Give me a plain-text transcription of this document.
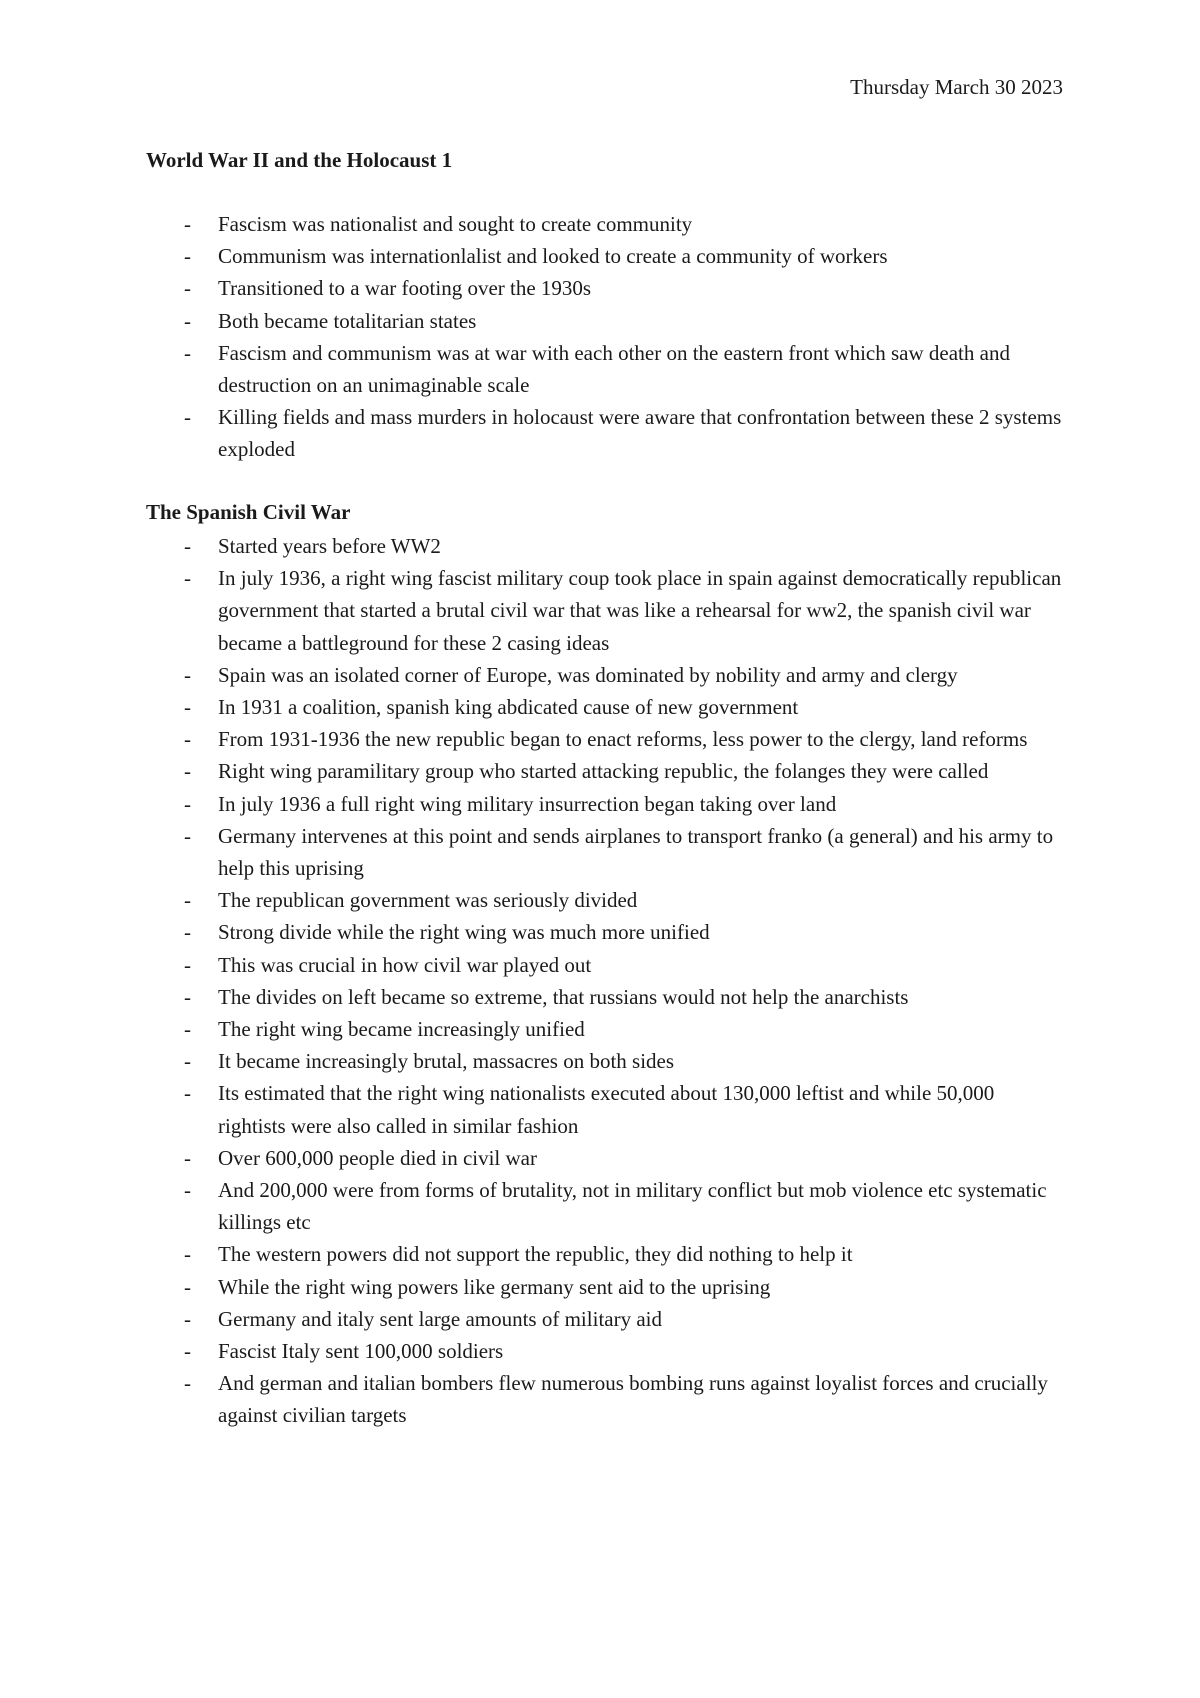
Thursday March 30 2023
World War II and the Holocaust 1
- Fascism was nationalist and sought to create community
- Communism was internationlalist and looked to create a community of workers
- Transitioned to a war footing over the 1930s
- Both became totalitarian states
- Fascism and communism was at war with each other on the eastern front which saw death and destruction on an unimaginable scale
- Killing fields and mass murders in holocaust were aware that confrontation between these 2 systems exploded
The Spanish Civil War
- Started years before WW2
- In july 1936, a right wing fascist military coup took place in spain against democratically republican government that started a brutal civil war that was like a rehearsal for ww2, the spanish civil war became a battleground for these 2 casing ideas
- Spain was an isolated corner of Europe, was dominated by nobility and army and clergy
- In 1931 a coalition, spanish king abdicated cause of new government
- From 1931-1936 the new republic began to enact reforms, less power to the clergy, land reforms
- Right wing paramilitary group who started attacking republic, the folanges they were called
- In july 1936 a full right wing military insurrection began taking over land
- Germany intervenes at this point and sends airplanes to transport franko (a general) and his army to help this uprising
- The republican government was seriously divided
- Strong divide while the right wing was much more unified
- This was crucial in how civil war played out
- The divides on left became so extreme, that russians would not help the anarchists
- The right wing became increasingly unified
- It became increasingly brutal, massacres on both sides
- Its estimated that the right wing nationalists executed about 130,000 leftist and while 50,000 rightists were also called in similar fashion
- Over 600,000 people died in civil war
- And 200,000 were from forms of brutality, not in military conflict but mob violence etc systematic killings etc
- The western powers did not support the republic, they did nothing to help it
- While the right wing powers like germany sent aid to the uprising
- Germany and italy sent large amounts of military aid
- Fascist Italy sent 100,000 soldiers
- And german and italian bombers flew numerous bombing runs against loyalist forces and crucially against civilian targets
